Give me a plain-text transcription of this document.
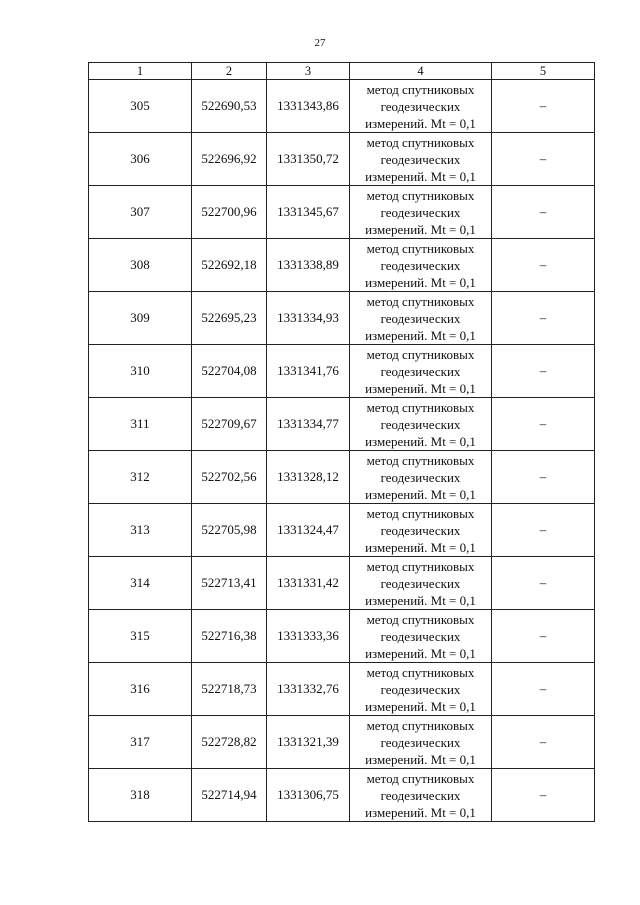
27
1	2	3	4	5
305	522690,53	1331343,86	метод спутниковых
геодезических
измерений. Mt = 0,1	–
306	522696,92	1331350,72	метод спутниковых
геодезических
измерений. Mt = 0,1	–
307	522700,96	1331345,67	метод спутниковых
геодезических
измерений. Mt = 0,1	–
308	522692,18	1331338,89	метод спутниковых
геодезических
измерений. Mt = 0,1	–
309	522695,23	1331334,93	метод спутниковых
геодезических
измерений. Mt = 0,1	–
310	522704,08	1331341,76	метод спутниковых
геодезических
измерений. Mt = 0,1	–
311	522709,67	1331334,77	метод спутниковых
геодезических
измерений. Mt = 0,1	–
312	522702,56	1331328,12	метод спутниковых
геодезических
измерений. Mt = 0,1	–
313	522705,98	1331324,47	метод спутниковых
геодезических
измерений. Mt = 0,1	–
314	522713,41	1331331,42	метод спутниковых
геодезических
измерений. Mt = 0,1	–
315	522716,38	1331333,36	метод спутниковых
геодезических
измерений. Mt = 0,1	–
316	522718,73	1331332,76	метод спутниковых
геодезических
измерений. Mt = 0,1	–
317	522728,82	1331321,39	метод спутниковых
геодезических
измерений. Mt = 0,1	–
318	522714,94	1331306,75	метод спутниковых
геодезических
измерений. Mt = 0,1	–
